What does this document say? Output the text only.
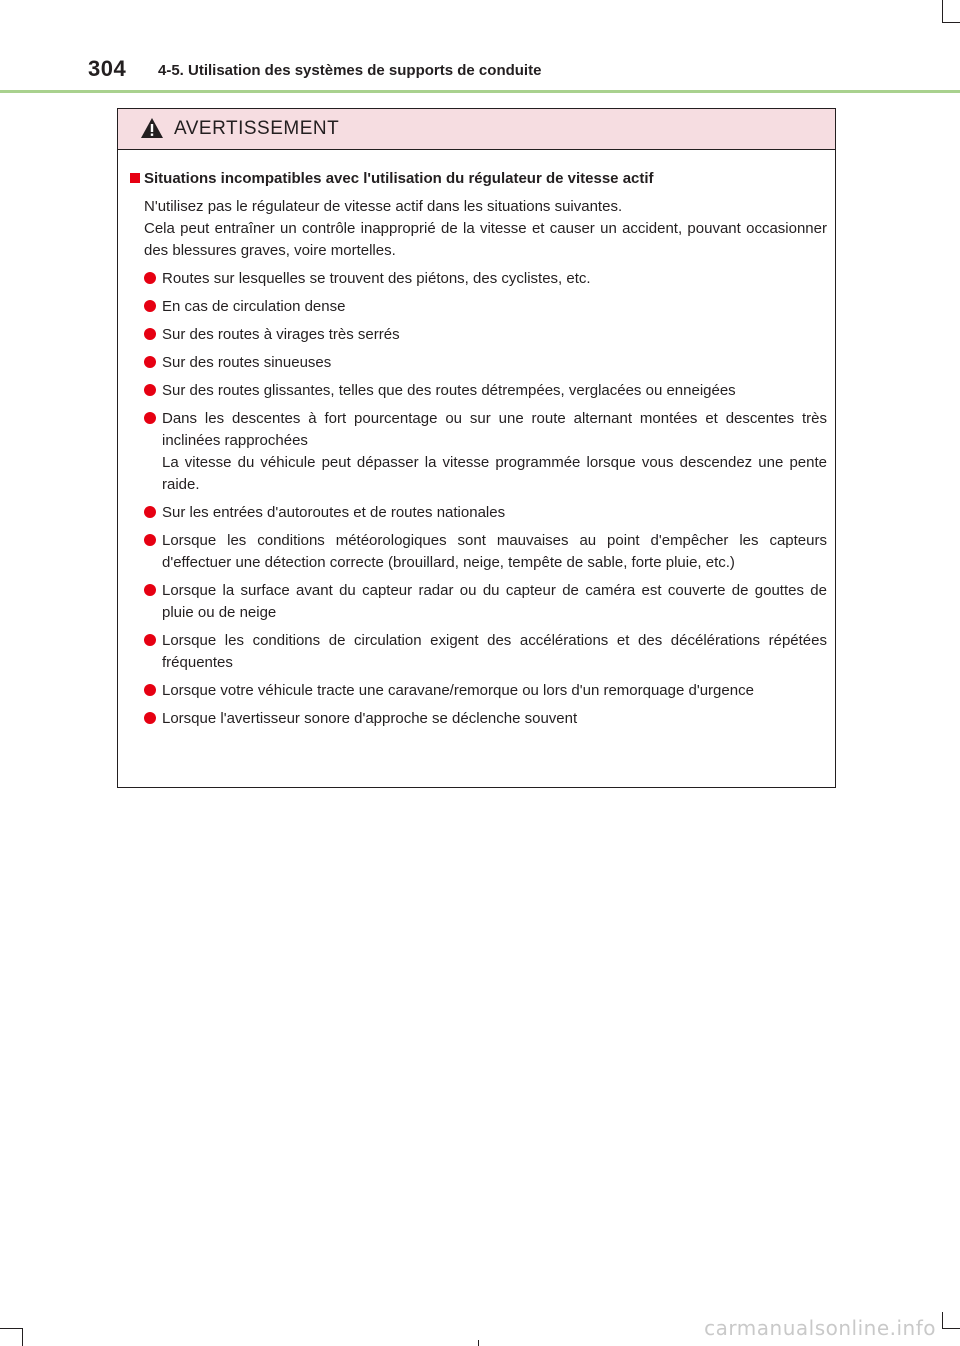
304 4-5. Utilisation des systèmes de supports de conduite
AVERTISSEMENT
Situations incompatibles avec l'utilisation du régulateur de vitesse actif

N'utilisez pas le régulateur de vitesse actif dans les situations suivantes.

Cela peut entraîner un contrôle inapproprié de la vitesse et causer un accident, pouvant occasionner des blessures graves, voire mortelles.

Routes sur lesquelles se trouvent des piétons, des cyclistes, etc.

En cas de circulation dense

Sur des routes à virages très serrés

Sur des routes sinueuses

Sur des routes glissantes, telles que des routes détrempées, verglacées ou enneigées

Dans les descentes à fort pourcentage ou sur une route alternant montées et descentes très inclinées rapprochées

La vitesse du véhicule peut dépasser la vitesse programmée lorsque vous descendez une pente raide.

Sur les entrées d'autoroutes et de routes nationales

Lorsque les conditions météorologiques sont mauvaises au point d'empêcher les capteurs d'effectuer une détection correcte (brouillard, neige, tempête de sable, forte pluie, etc.)

Lorsque la surface avant du capteur radar ou du capteur de caméra est couverte de gouttes de pluie ou de neige

Lorsque les conditions de circulation exigent des accélérations et des décélérations répétées fréquentes

Lorsque votre véhicule tracte une caravane/remorque ou lors d'un remorquage d'urgence

Lorsque l'avertisseur sonore d'approche se déclenche souvent

carmanualsonline.info
